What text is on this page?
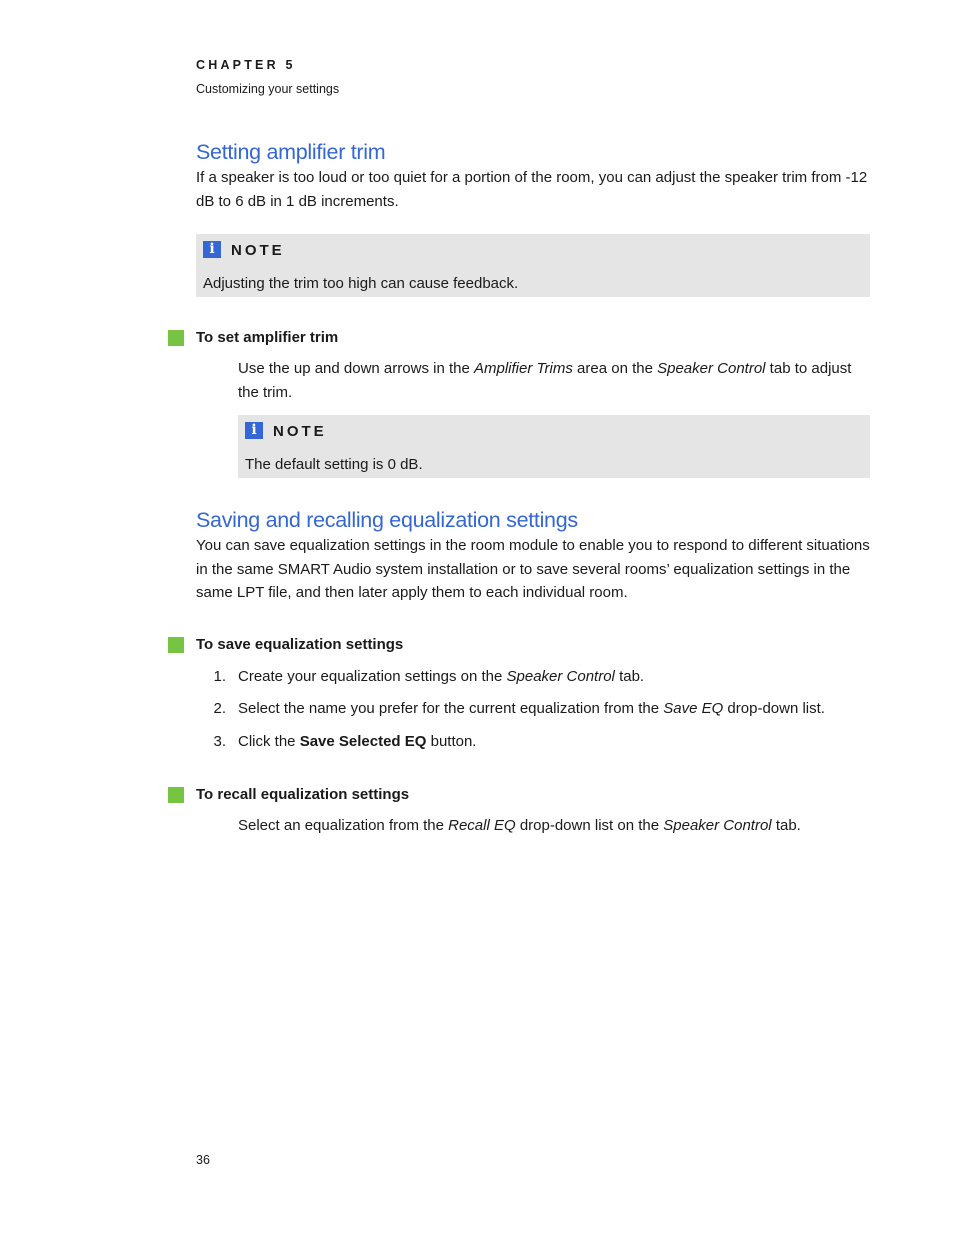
CHAPTER 5
Customizing your settings
Setting amplifier trim
If a speaker is too loud or too quiet for a portion of the room, you can adjust the speaker trim from -12 dB to 6 dB in 1 dB increments.
i	NOTE
Adjusting the trim too high can cause feedback.
To set amplifier trim
Use the up and down arrows in the Amplifier Trims area on the Speaker Control tab to adjust the trim.
i	NOTE
The default setting is 0 dB.
Saving and recalling equalization settings
You can save equalization settings in the room module to enable you to respond to different situations in the same SMART Audio system installation or to save several rooms’ equalization settings in the same LPT file, and then later apply them to each individual room.
To save equalization settings
1. Create your equalization settings on the Speaker Control tab.
2. Select the name you prefer for the current equalization from the Save EQ drop-down list.
3. Click the Save Selected EQ button.
To recall equalization settings
Select an equalization from the Recall EQ drop-down list on the Speaker Control tab.
36
